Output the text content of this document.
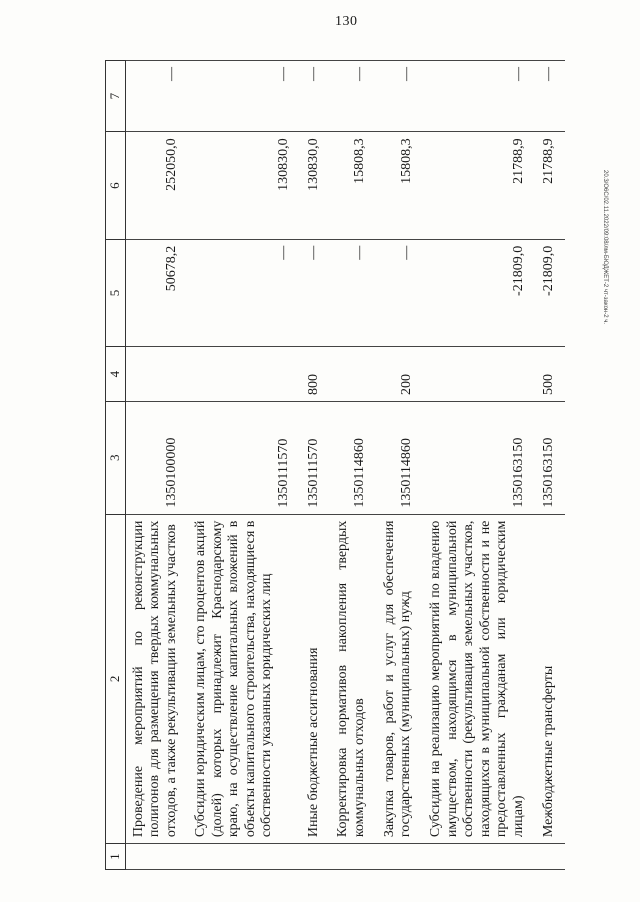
130
20.3/О6С/02.11.2022/09:08/лм-БЮДЖЕТ-2 чт-закон-2 ч.
1	2	3	4	5	6	7
	Проведение мероприятий по реконструкции полигонов для размещения твердых коммунальных отходов, а также рекультивации земельных участков	1350100000		50678,2	252050,0	—
	Субсидии юридическим лицам, сто процентов акций (долей) которых принадлежит Краснодарскому краю, на осуществление капитальных вложений в объекты капитального строительства, находящиеся в собственности указанных юридических лиц	1350111570		—	130830,0	—
	Иные бюджетные ассигнования	1350111570	800	—	130830,0	—
	Корректировка нормативов накопления твердых коммунальных отходов	1350114860		—	15808,3	—
	Закупка товаров, работ и услуг для обеспечения государственных (муниципальных) нужд	1350114860	200	—	15808,3	—
	Субсидии на реализацию мероприятий по владению имуществом, находящимся в муниципальной собственности (рекультивация земельных участков, находящихся в муниципальной собственности и не предоставленных гражданам или юридическим лицам)	1350163150		-21809,0	21788,9	—
	Межбюджетные трансферты	1350163150	500	-21809,0	21788,9	—
